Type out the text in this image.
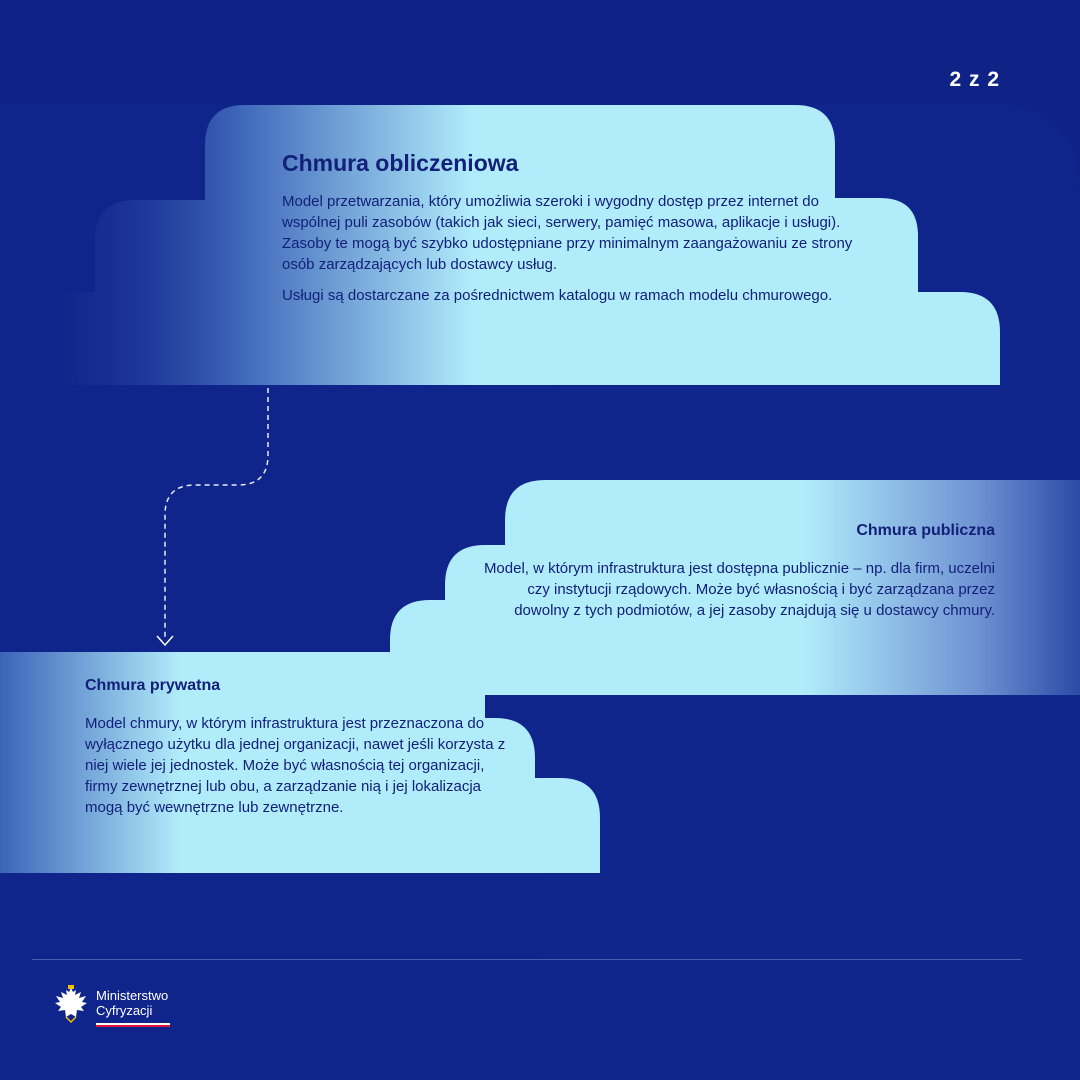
2 z 2
Chmura obliczeniowa

Model przetwarzania, który umożliwia szeroki i wygodny dostęp przez internet do wspólnej puli zasobów (takich jak sieci, serwery, pamięć masowa, aplikacje i usługi). Zasoby te mogą być szybko udostępniane przy minimalnym zaangażowaniu ze strony osób zarządzających lub dostawcy usług.

Usługi są dostarczane za pośrednictwem katalogu w ramach modelu chmurowego.

Chmura publiczna

Model, w którym infrastruktura jest dostępna publicznie – np. dla firm, uczelni czy instytucji rządowych. Może być własnością i być zarządzana przez dowolny z tych podmiotów, a jej zasoby znajdują się u dostawcy chmury.

Chmura prywatna

Model chmury, w którym infrastruktura jest przeznaczona do wyłącznego użytku dla jednej organizacji, nawet jeśli korzysta z niej wiele jej jednostek. Może być własnością tej organizacji, firmy zewnętrznej lub obu, a zarządzanie nią i jej lokalizacja mogą być wewnętrzne lub zewnętrzne.

Ministerstwo
Cyfryzacji
